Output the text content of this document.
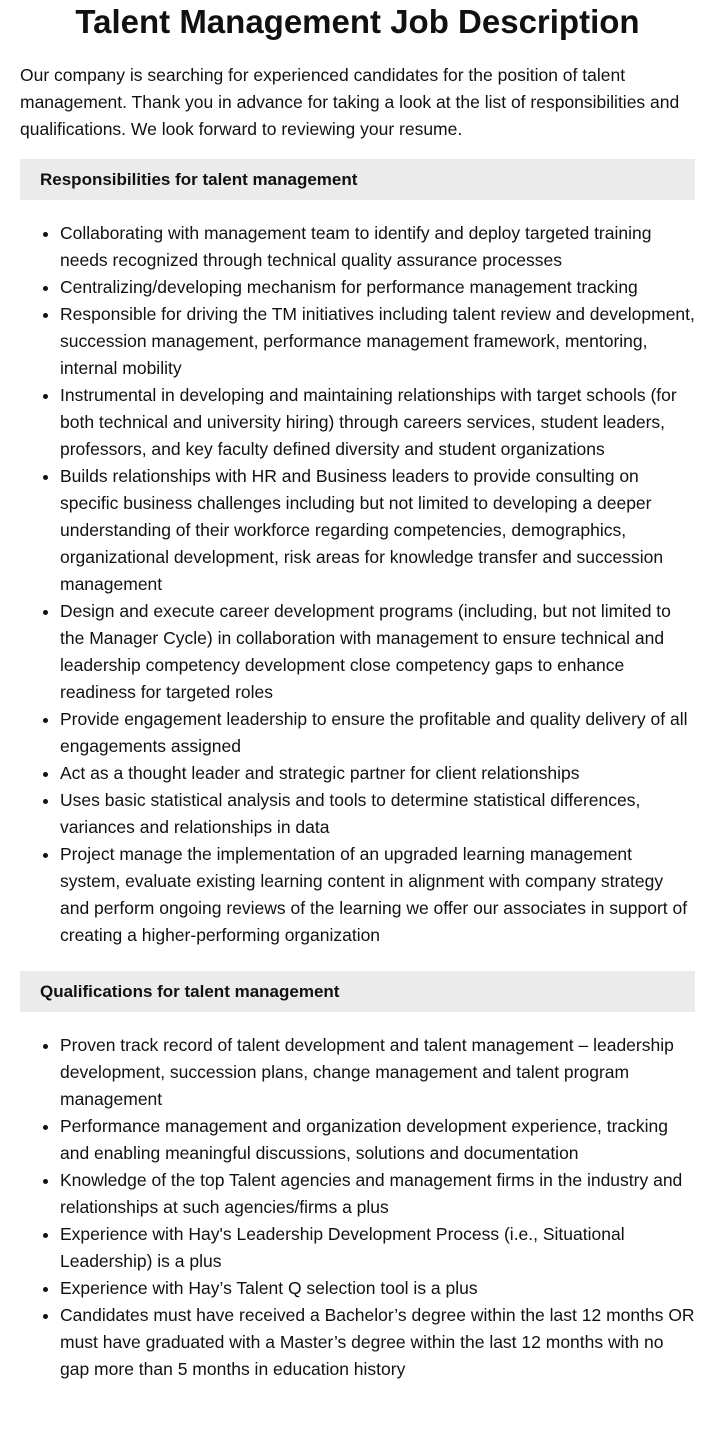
Talent Management Job Description

Our company is searching for experienced candidates for the position of talent management. Thank you in advance for taking a look at the list of responsibilities and qualifications. We look forward to reviewing your resume.

Responsibilities for talent management
• Collaborating with management team to identify and deploy targeted training needs recognized through technical quality assurance processes
• Centralizing/developing mechanism for performance management tracking
• Responsible for driving the TM initiatives including talent review and development, succession management, performance management framework, mentoring, internal mobility
• Instrumental in developing and maintaining relationships with target schools (for both technical and university hiring) through careers services, student leaders, professors, and key faculty defined diversity and student organizations
• Builds relationships with HR and Business leaders to provide consulting on specific business challenges including but not limited to developing a deeper understanding of their workforce regarding competencies, demographics, organizational development, risk areas for knowledge transfer and succession management
• Design and execute career development programs (including, but not limited to the Manager Cycle) in collaboration with management to ensure technical and leadership competency development close competency gaps to enhance readiness for targeted roles
• Provide engagement leadership to ensure the profitable and quality delivery of all engagements assigned
• Act as a thought leader and strategic partner for client relationships
• Uses basic statistical analysis and tools to determine statistical differences, variances and relationships in data
• Project manage the implementation of an upgraded learning management system, evaluate existing learning content in alignment with company strategy and perform ongoing reviews of the learning we offer our associates in support of creating a higher-performing organization
Qualifications for talent management
• Proven track record of talent development and talent management – leadership development, succession plans, change management and talent program management
• Performance management and organization development experience, tracking and enabling meaningful discussions, solutions and documentation
• Knowledge of the top Talent agencies and management firms in the industry and relationships at such agencies/firms a plus
• Experience with Hay's Leadership Development Process (i.e., Situational Leadership) is a plus
• Experience with Hay’s Talent Q selection tool is a plus
• Candidates must have received a Bachelor’s degree within the last 12 months OR must have graduated with a Master’s degree within the last 12 months with no gap more than 5 months in education history
